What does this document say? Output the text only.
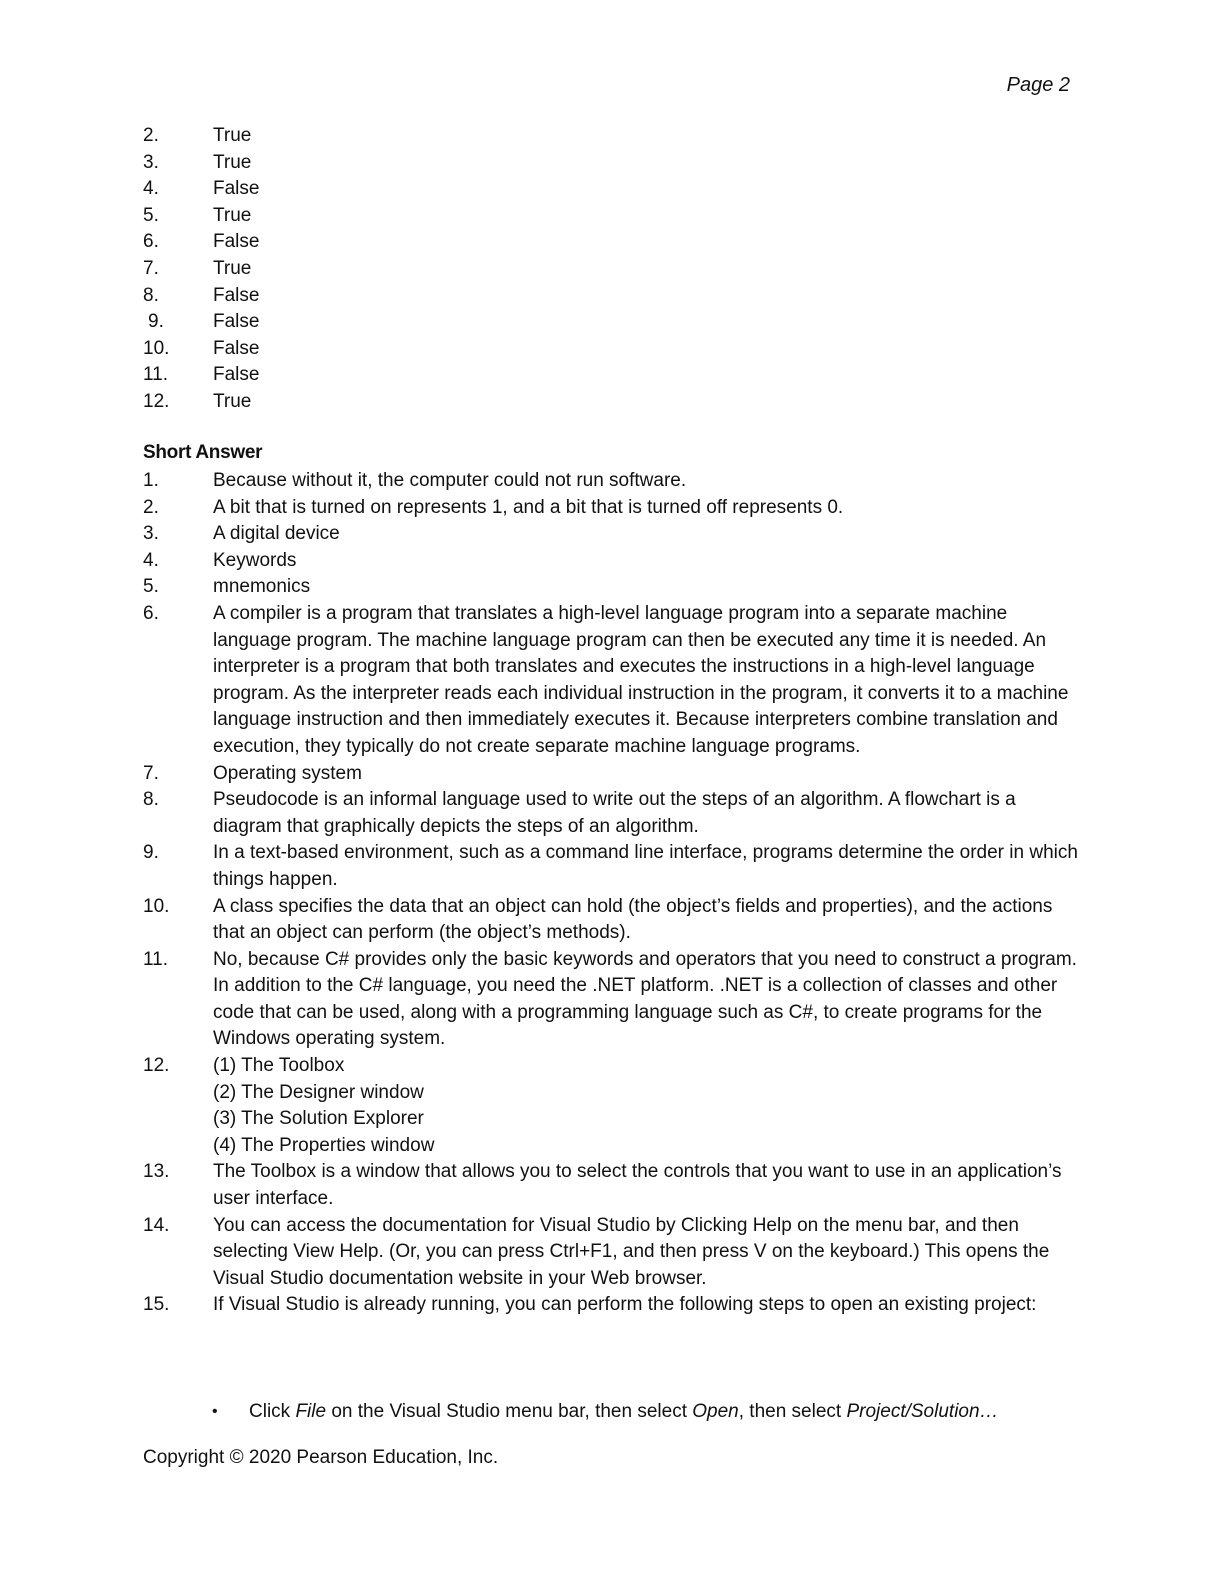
Page 2
2.	True
3.	True
4.	False
5.	True
6.	False
7.	True
8.	False
9.	False
10.	False
11.	False
12.	True
Short Answer
1.	Because without it, the computer could not run software.
2.	A bit that is turned on represents 1, and a bit that is turned off represents 0.
3.	A digital device
4.	Keywords
5.	mnemonics
6.	A compiler is a program that translates a high-level language program into a separate machine language program. The machine language program can then be executed any time it is needed. An interpreter is a program that both translates and executes the instructions in a high-level language program. As the interpreter reads each individual instruction in the program, it converts it to a machine language instruction and then immediately executes it. Because interpreters combine translation and execution, they typically do not create separate machine language programs.
7.	Operating system
8.	Pseudocode is an informal language used to write out the steps of an algorithm. A flowchart is a diagram that graphically depicts the steps of an algorithm.
9.	In a text-based environment, such as a command line interface, programs determine the order in which things happen.
10.	A class specifies the data that an object can hold (the object’s fields and properties), and the actions that an object can perform (the object’s methods).
11.	No, because C# provides only the basic keywords and operators that you need to construct a program. In addition to the C# language, you need the .NET platform. .NET is a collection of classes and other code that can be used, along with a programming language such as C#, to create programs for the Windows operating system.
12.	(1) The Toolbox
(2) The Designer window
(3) The Solution Explorer
(4) The Properties window
13.	The Toolbox is a window that allows you to select the controls that you want to use in an application’s user interface.
14.	You can access the documentation for Visual Studio by Clicking Help on the menu bar, and then selecting View Help. (Or, you can press Ctrl+F1, and then press V on the keyboard.) This opens the Visual Studio documentation website in your Web browser.
15.	If Visual Studio is already running, you can perform the following steps to open an existing project:
•	Click File on the Visual Studio menu bar, then select Open, then select Project/Solution…
Copyright © 2020 Pearson Education, Inc.
